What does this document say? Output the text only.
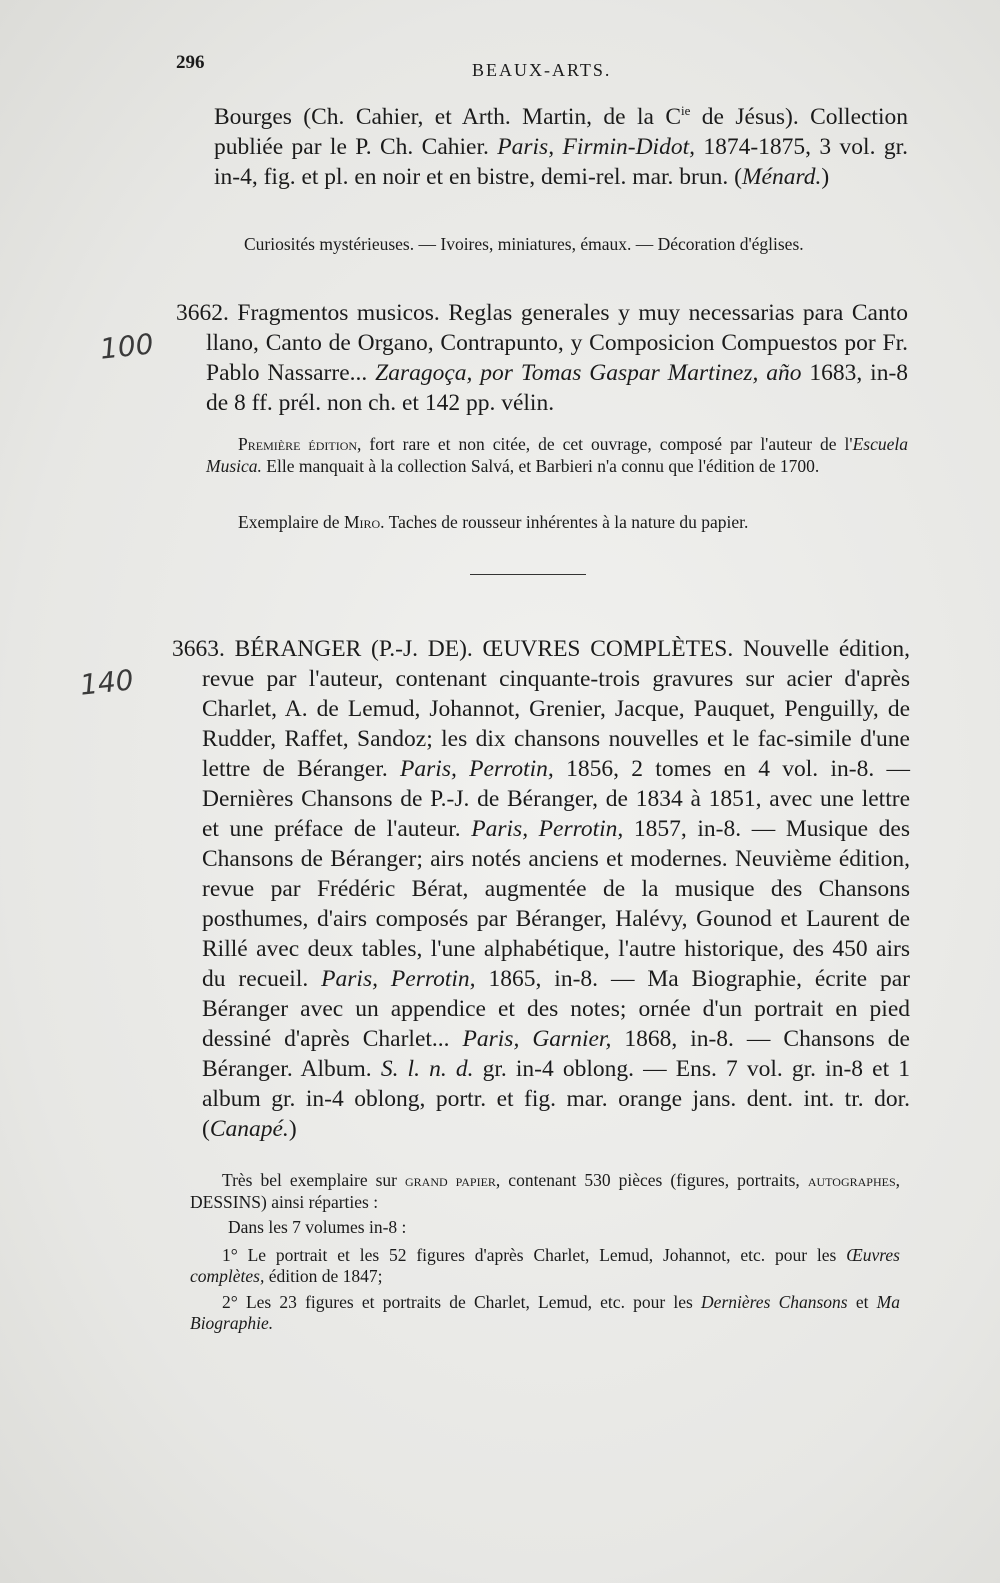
296	BEAUX-ARTS.
Bourges (Ch. Cahier, et Arth. Martin, de la $C^{ie}$ de Jésus). Collection publiée par le P. Ch. Cahier. Paris, Firmin-Didot, 1874-1875, 3 vol. gr. in-4, fig. et pl. en noir et en bistre, demi-rel. mar. brun. (Ménard.)
Curiosités mystérieuses. — Ivoires, miniatures, émaux. — Décoration d'églises.
100
3662. Fragmentos musicos. Reglas generales y muy necessarias para Canto llano, Canto de Organo, Contrapunto, y Composicion Compuestos por Fr. Pablo Nassarre... Zaragoça, por Tomas Gaspar Martinez, año 1683, in-8 de 8 ff. prél. non ch. et 142 pp. vélin.
Première édition, fort rare et non citée, de cet ouvrage, composé par l'auteur de l'Escuela Musica. Elle manquait à la collection Salvá, et Barbieri n'a connu que l'édition de 1700.
Exemplaire de Miro. Taches de rousseur inhérentes à la nature du papier.
140
3663. BÉRANGER (P.-J. DE). ŒUVRES COMPLÈTES. Nouvelle édition, revue par l'auteur, contenant cinquante-trois gravures sur acier d'après Charlet, A. de Lemud, Johannot, Grenier, Jacque, Pauquet, Penguilly, de Rudder, Raffet, Sandoz; les dix chansons nouvelles et le fac-simile d'une lettre de Béranger. Paris, Perrotin, 1856, 2 tomes en 4 vol. in-8. — Dernières Chansons de P.-J. de Béranger, de 1834 à 1851, avec une lettre et une préface de l'auteur. Paris, Perrotin, 1857, in-8. — Musique des Chansons de Béranger; airs notés anciens et modernes. Neuvième édition, revue par Frédéric Bérat, augmentée de la musique des Chansons posthumes, d'airs composés par Béranger, Halévy, Gounod et Laurent de Rillé avec deux tables, l'une alphabétique, l'autre historique, des 450 airs du recueil. Paris, Perrotin, 1865, in-8. — Ma Biographie, écrite par Béranger avec un appendice et des notes; ornée d'un portrait en pied dessiné d'après Charlet... Paris, Garnier, 1868, in-8. — Chansons de Béranger. Album. S. l. n. d. gr. in-4 oblong. — Ens. 7 vol. gr. in-8 et 1 album gr. in-4 oblong, portr. et fig. mar. orange jans. dent. int. tr. dor. (Canapé.)
Très bel exemplaire sur grand papier, contenant 530 pièces (figures, portraits, autographes, DESSINS) ainsi réparties :
Dans les 7 volumes in-8 :
1° Le portrait et les 52 figures d'après Charlet, Lemud, Johannot, etc. pour les Œuvres complètes, édition de 1847;
2° Les 23 figures et portraits de Charlet, Lemud, etc. pour les Dernières Chansons et Ma Biographie.
